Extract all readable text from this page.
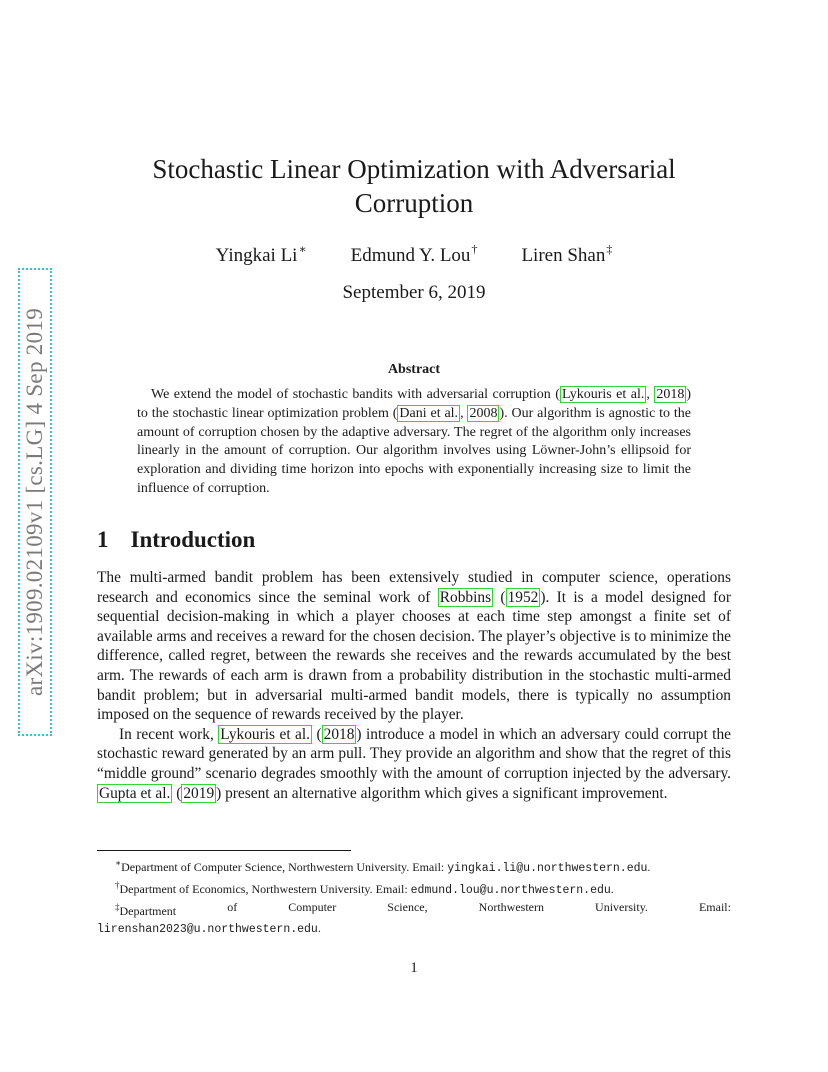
arXiv:1909.02109v1 [cs.LG] 4 Sep 2019
Stochastic Linear Optimization with Adversarial
Corruption
Yingkai Li∗ Edmund Y. Lou† Liren Shan‡
September 6, 2019
Abstract

 We extend the model of stochastic bandits with adversarial corruption ( Lykouris et al. , 2018 ) to the stochastic linear optimization problem ( Dani et al. , 2008 ). Our algorithm is agnostic to the amount of corruption chosen by the adaptive adversary. The regret of the algorithm only increases linearly in the amount of corruption. Our algorithm involves using Löwner-John’s ellipsoid for exploration and dividing time horizon into epochs with exponentially increasing size to limit the influence of corruption.

1 Introduction

The multi-armed bandit problem has been extensively studied in computer science, operations research and economics since the seminal work of Robbins ( 1952 ). It is a model designed for sequential decision-making in which a player chooses at each time step amongst a finite set of available arms and receives a reward for the chosen decision. The player’s objective is to minimize the difference, called regret, between the rewards she receives and the rewards accumulated by the best arm. The rewards of each arm is drawn from a probability distribution in the stochastic multi-armed bandit problem; but in adversarial multi-armed bandit models, there is typically no assumption imposed on the sequence of rewards received by the player.

In recent work, Lykouris et al. ( 2018 ) introduce a model in which an adversary could corrupt the stochastic reward generated by an arm pull. They provide an algorithm and show that the regret of this “middle ground” scenario degrades smoothly with the amount of corruption injected by the adversary. Gupta et al. ( 2019 ) present an alternative algorithm which gives a significant improvement.

∗Department of Computer Science, Northwestern University. Email: yingkai.li@u.northwestern.edu.

†Department of Economics, Northwestern University. Email: edmund.lou@u.northwestern.edu.

‡Department	of	Computer	Science,	Northwestern	University.	Email:

lirenshan2023@u.northwestern.edu.

1
